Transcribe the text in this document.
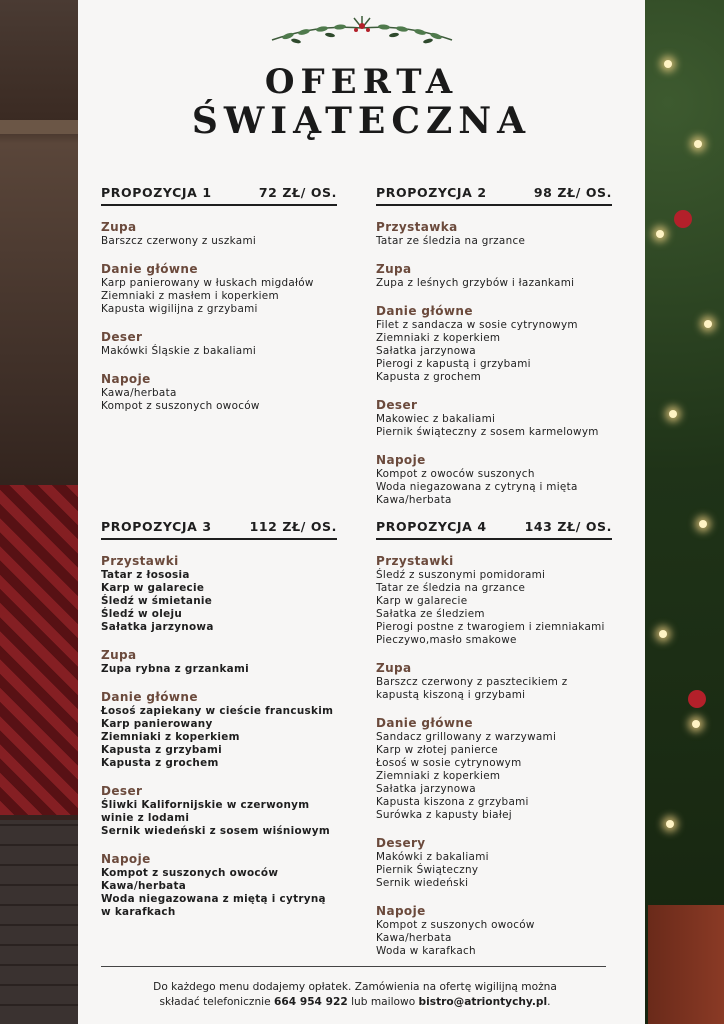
OFERTA
ŚWIĄTECZNA
PROPOZYCJA 1	72 ZŁ/ OS.
Zupa
Barszcz czerwony z uszkami
Danie główne
Karp panierowany w łuskach migdałów
Ziemniaki z masłem i koperkiem
Kapusta wigilijna z grzybami
Deser
Makówki Śląskie z bakaliami
Napoje
Kawa/herbata
Kompot z suszonych owoców
PROPOZYCJA 2	98 ZŁ/ OS.
Przystawka
Tatar ze śledzia na grzance
Zupa
Zupa z leśnych grzybów i łazankami
Danie główne
Filet z sandacza w sosie cytrynowym
Ziemniaki z koperkiem
Sałatka jarzynowa
Pierogi z kapustą i grzybami
Kapusta z grochem
Deser
Makowiec z bakaliami
Piernik świąteczny z sosem karmelowym
Napoje
Kompot z owoców suszonych
Woda niegazowana z cytryną i mięta
Kawa/herbata
PROPOZYCJA 3	112 ZŁ/ OS.
Przystawki
Tatar z łososia
Karp w galarecie
Śledź w śmietanie
Śledź w oleju
Sałatka jarzynowa
Zupa
Zupa rybna z grzankami
Danie główne
Łosoś zapiekany w cieście francuskim
Karp panierowany
Ziemniaki z koperkiem
Kapusta z grzybami
Kapusta z grochem
Deser
Śliwki Kalifornijskie w czerwonym winie z lodami
Sernik wiedeński z sosem wiśniowym
Napoje
Kompot z suszonych owoców
Kawa/herbata
Woda niegazowana z miętą i cytryną w karafkach
PROPOZYCJA 4	143 ZŁ/ OS.
Przystawki
Śledź z suszonymi pomidorami
Tatar ze śledzia na grzance
Karp w galarecie
Sałatka ze śledziem
Pierogi postne z twarogiem i ziemniakami
Pieczywo,masło smakowe
Zupa
Barszcz czerwony z pasztecikiem z kapustą kiszoną i grzybami
Danie główne
Sandacz grillowany z warzywami
Karp w złotej panierce
Łosoś w sosie cytrynowym
Ziemniaki z koperkiem
Sałatka jarzynowa
Kapusta kiszona z grzybami
Surówka z kapusty białej
Desery
Makówki z bakaliami
Piernik Świąteczny
Sernik wiedeński
Napoje
Kompot z suszonych owoców
Kawa/herbata
Woda w karafkach
Do każdego menu dodajemy opłatek. Zamówienia na ofertę wigilijną można
składać telefonicznie 664 954 922 lub mailowo bistro@atriontychy.pl.
